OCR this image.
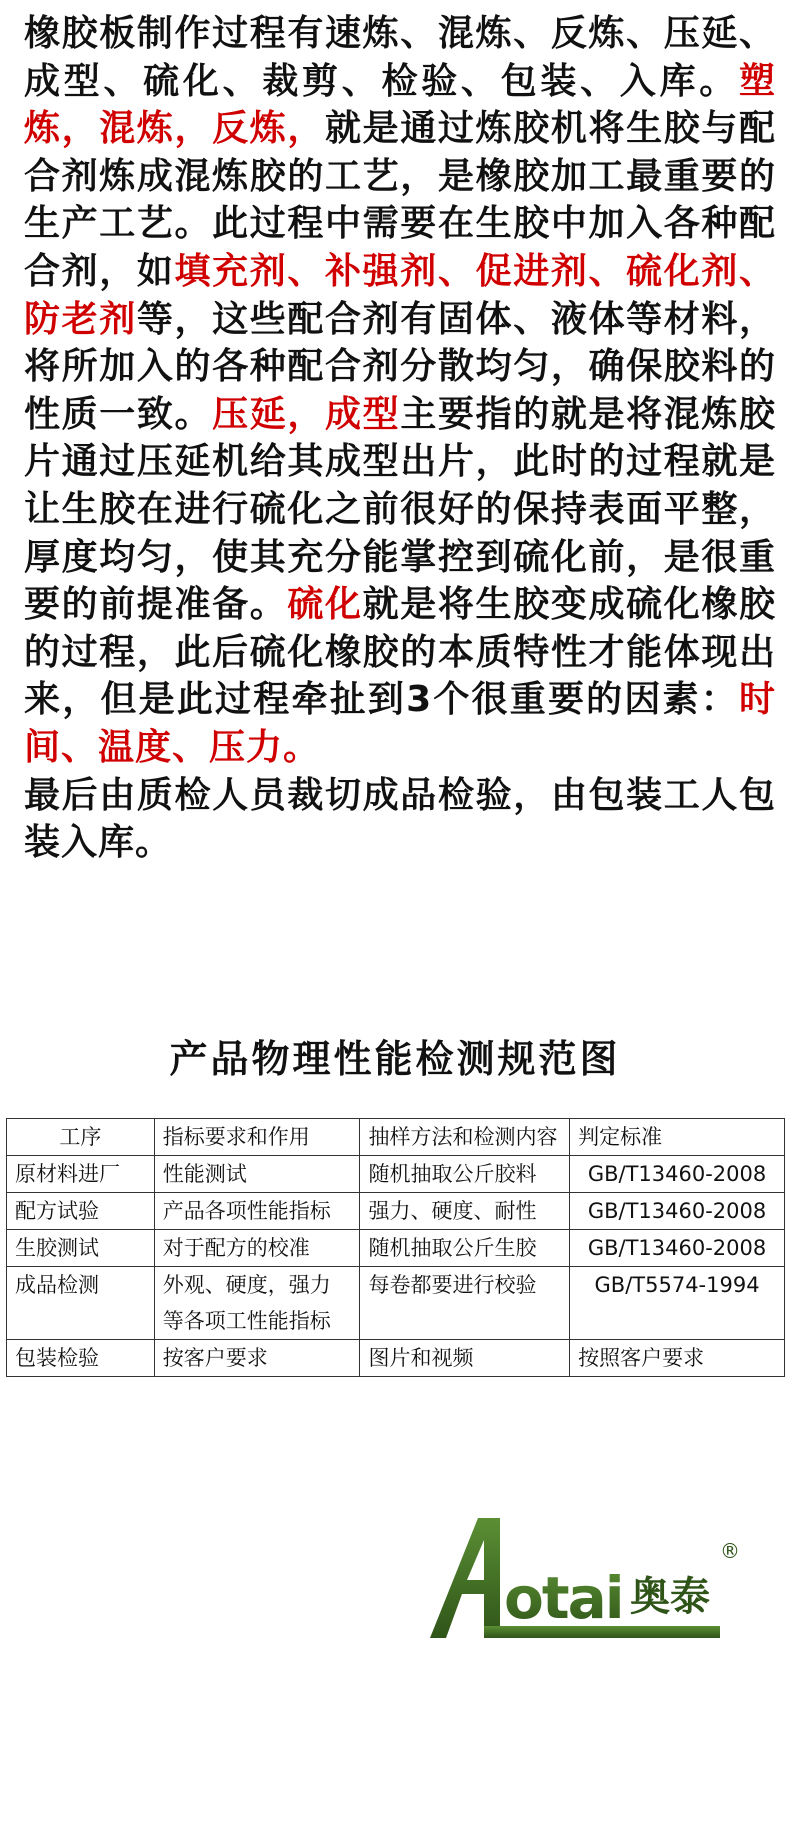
橡胶板制作过程有速炼、混炼、反炼、压延、成型、硫化、裁剪、检验、包装、入库。塑炼，混炼，反炼，就是通过炼胶机将生胶与配合剂炼成混炼胶的工艺，是橡胶加工最重要的生产工艺。此过程中需要在生胶中加入各种配合剂，如填充剂、补强剂、促进剂、硫化剂、防老剂等，这些配合剂有固体、液体等材料，将所加入的各种配合剂分散均匀，确保胶料的性质一致。压延，成型主要指的就是将混炼胶片通过压延机给其成型出片，此时的过程就是让生胶在进行硫化之前很好的保持表面平整，厚度均匀，使其充分能掌控到硫化前，是很重要的前提准备。硫化就是将生胶变成硫化橡胶的过程，此后硫化橡胶的本质特性才能体现出来，但是此过程牵扯到3个很重要的因素：时间、温度、压力。
最后由质检人员裁切成品检验，由包装工人包装入库。
产品物理性能检测规范图
工序	指标要求和作用	抽样方法和检测内容	判定标准
原材料进厂	性能测试	随机抽取公斤胶料	GB/T13460-2008
配方试验	产品各项性能指标	强力、硬度、耐性	GB/T13460-2008
生胶测试	对于配方的校准	随机抽取公斤生胶	GB/T13460-2008
成品检测	外观、硬度，强力等各项工性能指标	每卷都要进行校验	GB/T5574-1994
包装检验	按客户要求	图片和视频	按照客户要求
otai 奥泰
®
